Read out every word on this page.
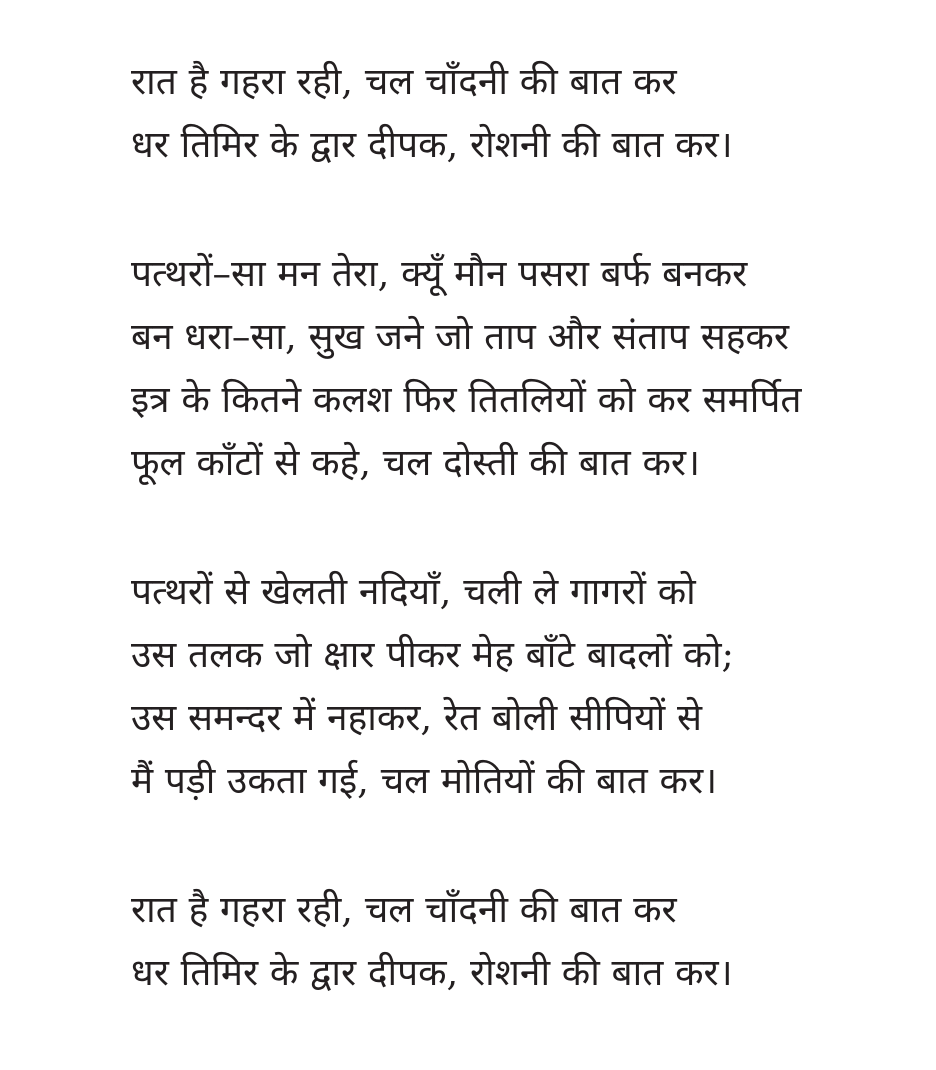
रात है गहरा रही, चल चाँदनी की बात कर
धर तिमिर के द्वार दीपक, रोशनी की बात कर।
पत्थरों–सा मन तेरा, क्यूँ मौन पसरा बर्फ बनकर
बन धरा–सा, सुख जने जो ताप और संताप सहकर
इत्र के कितने कलश फिर तितलियों को कर समर्पित
फूल काँटों से कहे, चल दोस्ती की बात कर।
पत्थरों से खेलती नदियाँ, चली ले गागरों को
उस तलक जो क्षार पीकर मेह बाँटे बादलों को;
उस समन्दर में नहाकर, रेत बोली सीपियों से
मैं पड़ी उकता गई, चल मोतियों की बात कर।
रात है गहरा रही, चल चाँदनी की बात कर
धर तिमिर के द्वार दीपक, रोशनी की बात कर।
